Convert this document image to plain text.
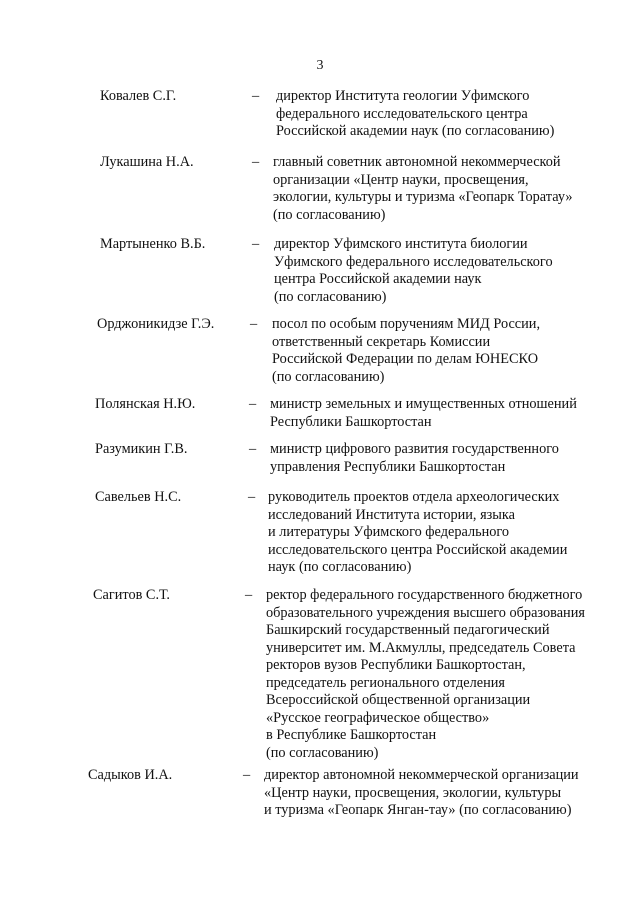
3
Ковалев С.Г.	– директор Института геологии Уфимского
федерального исследовательского центра
Российской академии наук (по согласованию)
Лукашина Н.А.	– главный советник автономной некоммерческой
организации «Центр науки, просвещения,
экологии, культуры и туризма «Геопарк Торатау»
(по согласованию)
Мартыненко В.Б.	– директор Уфимского института биологии
Уфимского федерального исследовательского
центра Российской академии наук
(по согласованию)
Орджоникидзе Г.Э. – посол по особым поручениям МИД России,
ответственный секретарь Комиссии
Российской Федерации по делам ЮНЕСКО
(по согласованию)
Полянская Н.Ю.	– министр земельных и имущественных отношений
Республики Башкортостан
Разумикин Г.В.	– министр цифрового развития государственного
управления Республики Башкортостан
Савельев Н.С.	– руководитель проектов отдела археологических
исследований Института истории, языка
и литературы Уфимского федерального
исследовательского центра Российской академии
наук (по согласованию)
Сагитов С.Т.	– ректор федерального государственного бюджетного
образовательного учреждения высшего образования
Башкирский государственный педагогический
университет им. М.Акмуллы, председатель Совета
ректоров вузов Республики Башкортостан,
председатель регионального отделения
Всероссийской общественной организации
«Русское географическое общество»
в Республике Башкортостан
(по согласованию)
Садыков И.А.	– директор автономной некоммерческой организации
«Центр науки, просвещения, экологии, культуры
и туризма «Геопарк Янган-тау» (по согласованию)
